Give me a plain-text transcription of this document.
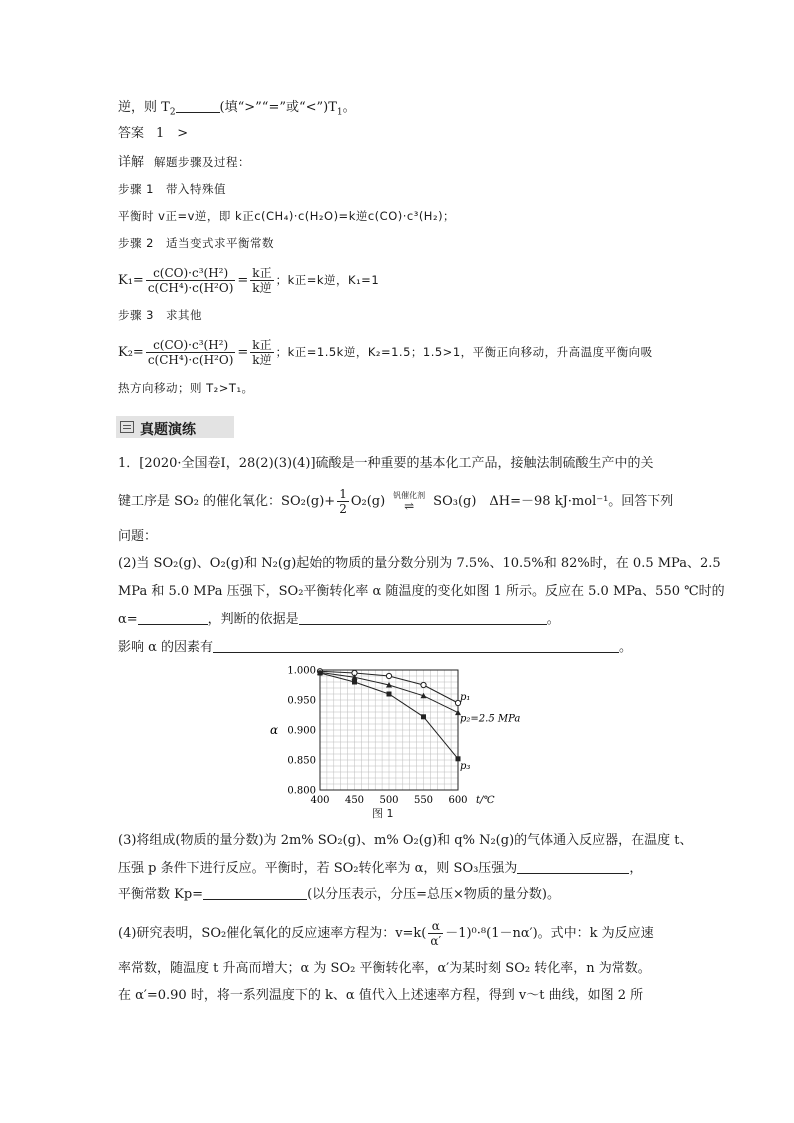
逆，则 $T_2$	(填“>”“=”或“$<”)T_1$。
答案 1　>
详解 解题步骤及过程：
步骤 1　带入特殊值
平衡时 v正=v逆，即 k正c(CH₄)·c(H₂O)=k逆c(CO)·c³(H₂)；
步骤 2　适当变式求平衡常数
$K_1= \frac{\text{c(CO)·c³(H²)}}{\text{c(CH⁴)·c(H²O)}} = \frac{\text{k正}}{\text{k逆}}$ ；k正=k逆，K₁=1
步骤 3　求其他
$K_2= \frac{\text{c(CO)·c³(H²)}}{\text{c(CH⁴)·c(H²O)}} = \frac{\text{k正}}{\text{k逆}}$ ；k正=1.5k逆，K₂=1.5；1.5>1，平衡正向移动，升高温度平衡向吸
热方向移动；则 T₂>T₁。
真题演练
1．[2020·全国卷Ⅰ，28(2)(3)(4)]硫酸是一种重要的基本化工产品，接触法制硫酸生产中的关
键工序是 SO₂ 的催化氧化：$SO_2(g)+ \frac{1}{2} O_2(g)$	钒催化剂
⇌	SO₃(g)　ΔH=－98 kJ·mol⁻¹。回答下列
问题：
(2)当 SO₂(g)、O₂(g)和 N₂(g)起始的物质的量分数分别为 7.5%、10.5%和 82%时，在 0.5 MPa、2.5
MPa 和 5.0 MPa 压强下，SO₂平衡转化率 α 随温度的变化如图 1 所示。反应在 5.0 MPa、550 ℃时的
α=	，判断的依据是	。
影响 α 的因素有	。
400 450 500 550 600
0.800
0.850
0.900
0.950
1.000
t/℃
α
p₁
p₂=2.5 MPa
p₃
图 1
(3)将组成(物质的量分数)为 2m% SO₂(g)、m% O₂(g)和 q% N₂(g)的气体通入反应器，在温度 t、
压强 p 条件下进行反应。平衡时，若 SO₂转化率为 α，则 SO₃压强为	，
平衡常数 Kp=	(以分压表示，分压=总压×物质的量分数)。
(4)研究表明，SO₂催化氧化的反应速率方程为：$v=k( \frac{\alpha}{\alpha'} -1)^0\cdot^8(1-n\alpha')$。式中：k 为反应速
率常数，随温度 t 升高而增大；α 为 SO₂ 平衡转化率，α′为某时刻 SO₂ 转化率，n 为常数。
在 α′=0.90 时，将一系列温度下的 k、α 值代入上述速率方程，得到 v～t 曲线，如图 2 所
